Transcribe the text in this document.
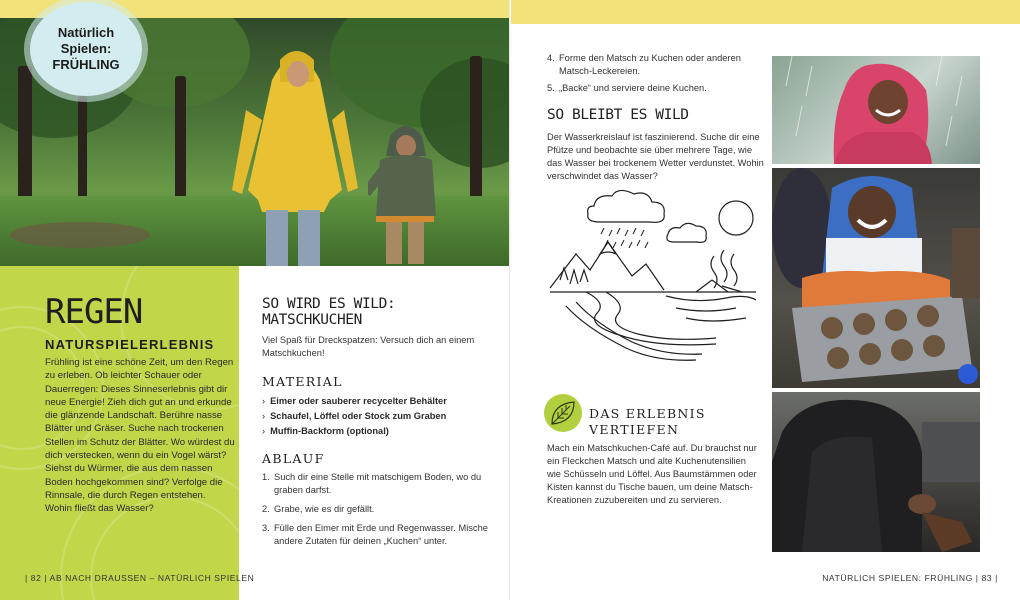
Natürlich
Spielen:
FRÜHLING
REGEN
NATURSPIELERLEBNIS
Frühling ist eine schöne Zeit, um den Regen zu erleben. Ob leichter Schauer oder Dauerregen: Dieses Sinneserlebnis gibt dir neue Energie! Zieh dich gut an und erkunde die glänzende Landschaft. Berühre nasse Blätter und Gräser. Suche nach trockenen Stellen im Schutz der Blätter. Wo würdest du dich verstecken, wenn du ein Vogel wärst? Siehst du Würmer, die aus dem nassen Boden hochgekommen sind? Verfolge die Rinnsale, die durch Regen entstehen. Wohin fließt das Wasser?
| 82 | AB NACH DRAUSSEN – NATÜRLICH SPIELEN
SO WIRD ES WILD: MATSCHKUCHEN
Viel Spaß für Dreckspatzen: Versuch dich an einem Matschkuchen!
MATERIAL
› Eimer oder sauberer recycelter Behälter
› Schaufel, Löffel oder Stock zum Graben
› Muffin-Backform (optional)
ABLAUF
1. Such dir eine Stelle mit matschigem Boden, wo du graben darfst.
2. Grabe, wie es dir gefällt.
3. Fülle den Eimer mit Erde und Regenwasser. Mische andere Zutaten für deinen „Kuchen“ unter.
4. Forme den Matsch zu Kuchen oder anderen Matsch-Leckereien.
5. „Backe“ und serviere deine Kuchen.
SO BLEIBT ES WILD
Der Wasserkreislauf ist faszinierend. Suche dir eine Pfütze und beobachte sie über mehrere Tage, wie das Wasser bei trockenem Wetter verdunstet. Wohin verschwindet das Wasser?
DAS ERLEBNIS
VERTIEFEN
Mach ein Matschkuchen-Café auf. Du brauchst nur ein Fleckchen Matsch und alte Kuchenutensilien wie Schüsseln und Löffel. Aus Baumstämmen oder Kisten kannst du Tische bauen, um deine Matsch-Kreationen zuzubereiten und zu servieren.
NATÜRLICH SPIELEN: FRÜHLING | 83 |
